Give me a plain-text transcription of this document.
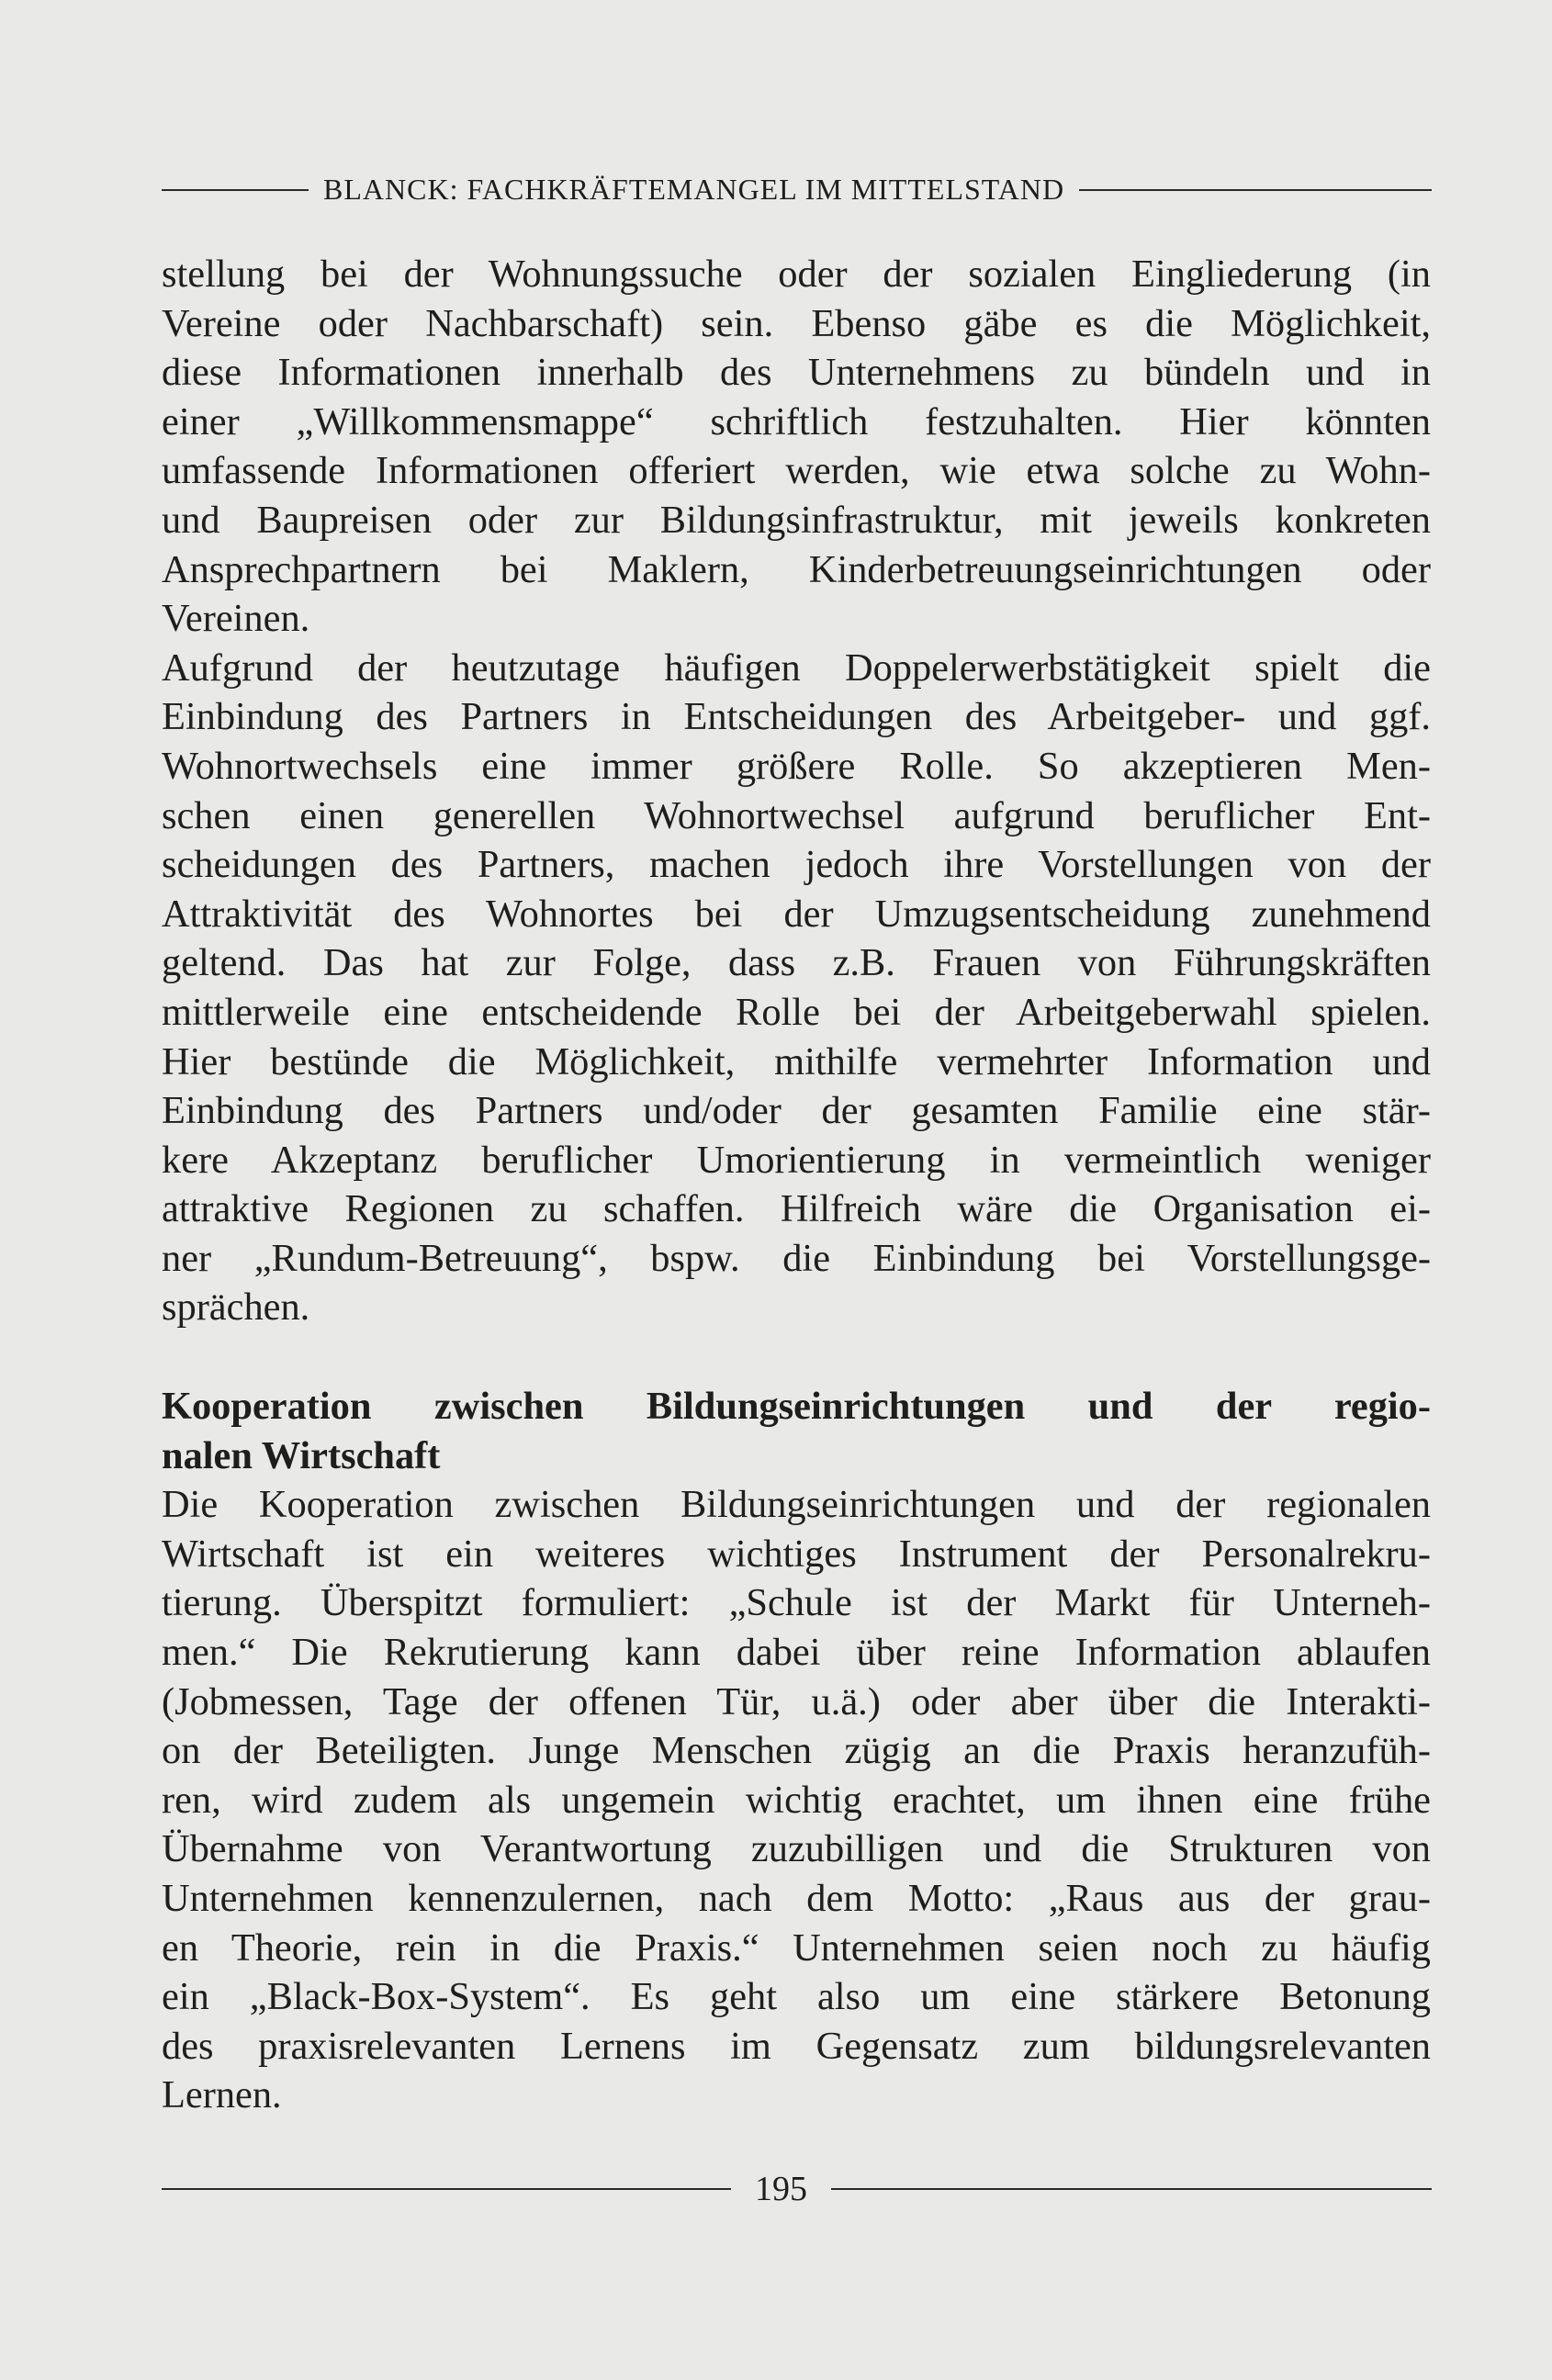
BLANCK: FACHKRÄFTEMANGEL IM MITTELSTAND

stellung bei der Wohnungssuche oder der sozialen Eingliederung (in

Vereine oder Nachbarschaft) sein. Ebenso gäbe es die Möglichkeit,

diese Informationen innerhalb des Unternehmens zu bündeln und in

einer „Willkommensmappe“ schriftlich festzuhalten. Hier könnten

umfassende Informationen offeriert werden, wie etwa solche zu Wohn-

und Baupreisen oder zur Bildungsinfrastruktur, mit jeweils konkreten

Ansprechpartnern bei Maklern, Kinderbetreuungseinrichtungen oder

Vereinen.

Aufgrund der heutzutage häufigen Doppelerwerbstätigkeit spielt die

Einbindung des Partners in Entscheidungen des Arbeitgeber- und ggf.

Wohnortwechsels eine immer größere Rolle. So akzeptieren Men-

schen einen generellen Wohnortwechsel aufgrund beruflicher Ent-

scheidungen des Partners, machen jedoch ihre Vorstellungen von der

Attraktivität des Wohnortes bei der Umzugsentscheidung zunehmend

geltend. Das hat zur Folge, dass z.B. Frauen von Führungskräften

mittlerweile eine entscheidende Rolle bei der Arbeitgeberwahl spielen.

Hier bestünde die Möglichkeit, mithilfe vermehrter Information und

Einbindung des Partners und/oder der gesamten Familie eine stär-

kere Akzeptanz beruflicher Umorientierung in vermeintlich weniger

attraktive Regionen zu schaffen. Hilfreich wäre die Organisation ei-

ner „Rundum-Betreuung“, bspw. die Einbindung bei Vorstellungsge-

sprächen.

Kooperation zwischen Bildungseinrichtungen und der regio-
nalen Wirtschaft

Die Kooperation zwischen Bildungseinrichtungen und der regionalen

Wirtschaft ist ein weiteres wichtiges Instrument der Personalrekru-

tierung. Überspitzt formuliert: „Schule ist der Markt für Unterneh-

men.“ Die Rekrutierung kann dabei über reine Information ablaufen

(Jobmessen, Tage der offenen Tür, u.ä.) oder aber über die Interakti-

on der Beteiligten. Junge Menschen zügig an die Praxis heranzufüh-

ren, wird zudem als ungemein wichtig erachtet, um ihnen eine frühe

Übernahme von Verantwortung zuzubilligen und die Strukturen von

Unternehmen kennenzulernen, nach dem Motto: „Raus aus der grau-

en Theorie, rein in die Praxis.“ Unternehmen seien noch zu häufig

ein „Black-Box-System“. Es geht also um eine stärkere Betonung

des praxisrelevanten Lernens im Gegensatz zum bildungsrelevanten

Lernen.

195
